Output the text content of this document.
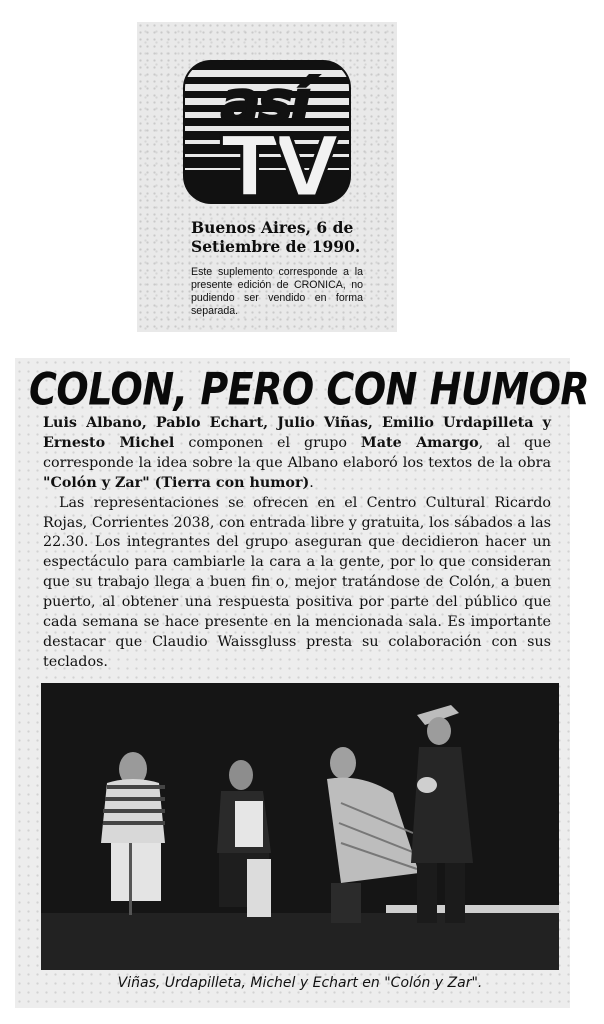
así
TV
Buenos Aires, 6 de Setiembre de 1990.
Este suplemento corresponde a la presente edición de CRONICA, no pudiendo ser vendido en forma separada.
COLON, PERO CON HUMOR

Luis Albano, Pablo Echart, Julio Viñas, Emilio Urdapilleta y Ernesto Michel componen el grupo Mate Amargo, al que corresponde la idea sobre la que Albano elaboró los textos de la obra "Colón y Zar" (Tierra con humor).

Las representaciones se ofrecen en el Centro Cultural Ricardo Rojas, Corrientes 2038, con entrada libre y gratuita, los sábados a las 22.30. Los integrantes del grupo aseguran que decidieron hacer un espectáculo para cambiarle la cara a la gente, por lo que consideran que su trabajo llega a buen fin o, mejor tratándose de Colón, a buen puerto, al obtener una respuesta positiva por parte del público que cada semana se hace presente en la mencionada sala. Es importante destacar que Claudio Waissgluss presta su colaboración con sus teclados.

Viñas, Urdapilleta, Michel y Echart en "Colón y Zar".
